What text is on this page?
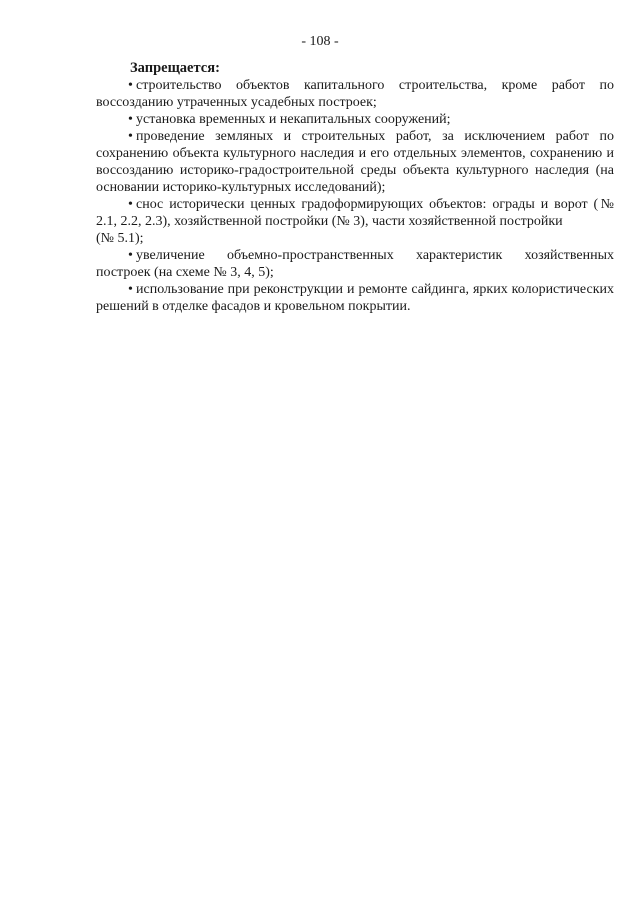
- 108 -

Запрещается:

• строительство объектов капитального строительства, кроме работ по воссозданию утраченных усадебных построек;

• установка временных и некапитальных сооружений;

• проведение земляных и строительных работ, за исключением работ по сохранению объекта культурного наследия и его отдельных элементов, сохранению и воссозданию историко-градостроительной среды объекта культурного наследия (на основании историко-культурных исследований);

• снос исторически ценных градоформирующих объектов: ограды и ворот (№ 2.1, 2.2, 2.3), хозяйственной постройки (№ 3), части хозяйственной постройки

(№ 5.1);

• увеличение объемно-пространственных характеристик хозяйственных построек (на схеме № 3, 4, 5);

• использование при реконструкции и ремонте сайдинга, ярких колористических решений в отделке фасадов и кровельном покрытии.
